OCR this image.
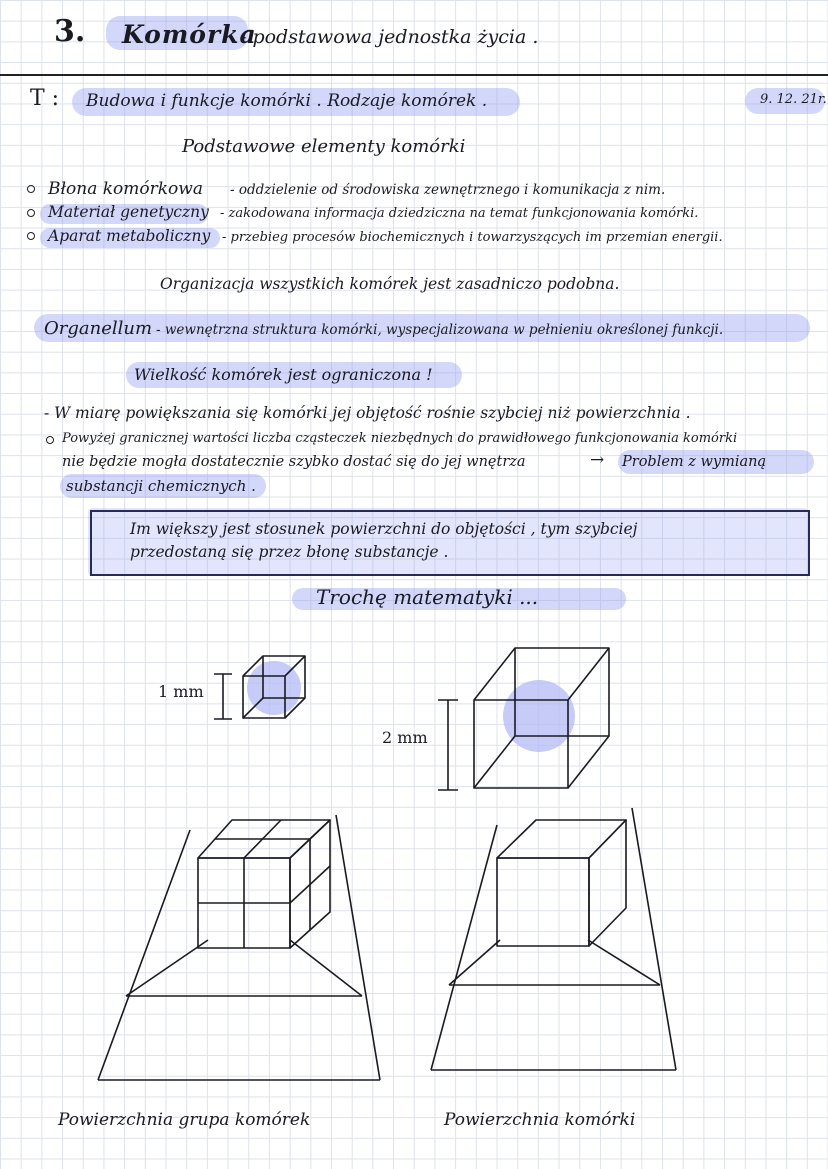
3. Komórka
- podstawowa jednostka życia .
T : Budowa i funkcje komórki . Rodzaje komórek .	9. 12. 21r.
Podstawowe elementy komórki
Błona komórkowa - oddzielenie od środowiska zewnętrznego i komunikacja z nim.
Materiał genetyczny - zakodowana informacja dziedziczna na temat funkcjonowania komórki.
Aparat metaboliczny - przebieg procesów biochemicznych i towarzyszących im przemian energii.
Organizacja wszystkich komórek jest zasadniczo podobna.
Organellum - wewnętrzna struktura komórki, wyspecjalizowana w pełnieniu określonej funkcji.
Wielkość komórek jest ograniczona !
- W miarę powiększania się komórki jej objętość rośnie szybciej niż powierzchnia .
Powyżej granicznej wartości liczba cząsteczek niezbędnych do prawidłowego funkcjonowania komórki
nie będzie mogła dostatecznie szybko dostać się do jej wnętrza	→ Problem z wymianą
substancji chemicznych .
Im większy jest stosunek powierzchni do objętości , tym szybciej
przedostaną się przez błonę substancje .
Trochę matematyki ...
1 mm
2 mm
Powierzchnia grupa komórek	Powierzchnia komórki
